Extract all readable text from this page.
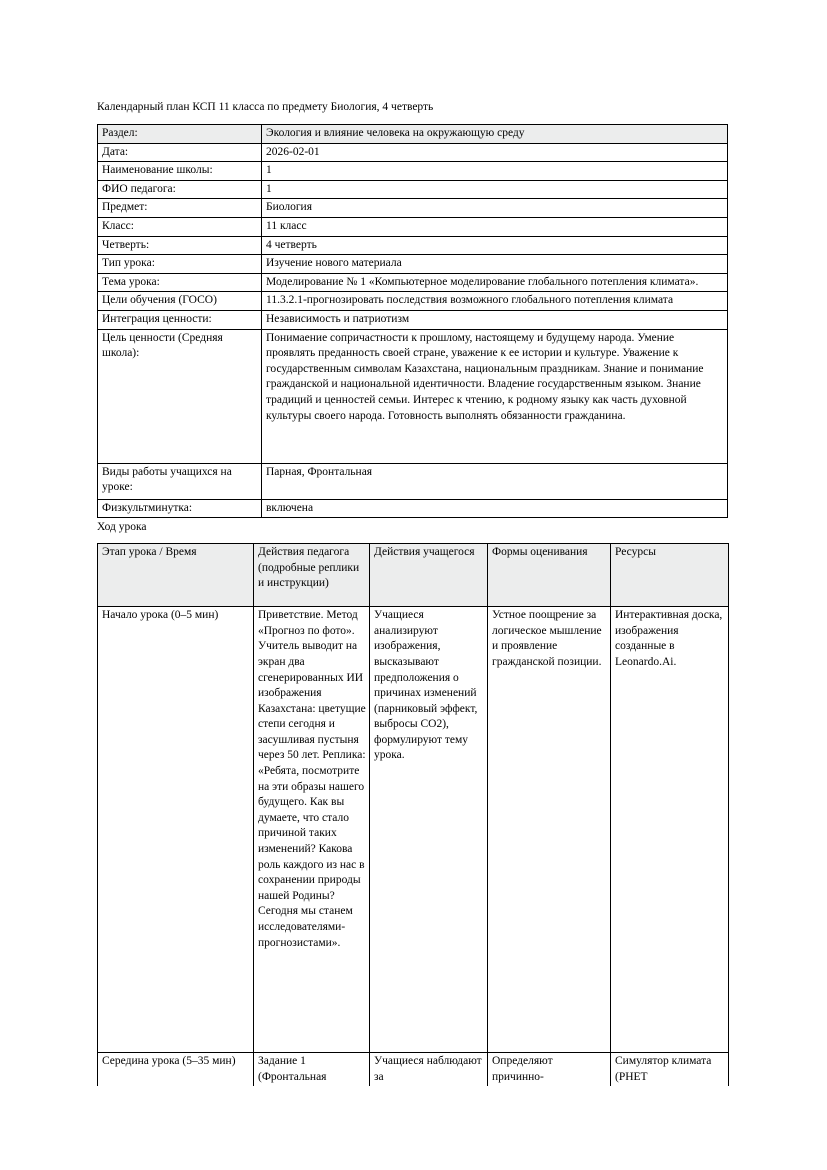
Календарный план КСП 11 класса по предмету Биология, 4 четверть

Раздел:	Экология и влияние человека на окружающую среду
Дата:	2026-02-01
Наименование школы:	1
ФИО педагога:	1
Предмет:	Биология
Класс:	11 класс
Четверть:	4 четверть
Тип урока:	Изучение нового материала
Тема урока:	Моделирование № 1 «Компьютерное моделирование глобального потепления климата».
Цели обучения (ГОСО)	11.3.2.1-прогнозировать последствия возможного глобального потепления климата
Интеграция ценности:	Независимость и патриотизм
Цель ценности (Средняя школа):	Понимаение сопричастности к прошлому, настоящему и будущему народа. Умение проявлять преданность своей стране, уважение к ее истории и культуре. Уважение к государственным символам Казахстана, национальным праздникам. Знание и понимание гражданской и национальной идентичности. Владение государственным языком. Знание традиций и ценностей семьи. Интерес к чтению, к родному языку как часть духовной культуры своего народа. Готовность выполнять обязанности гражданина.
Виды работы учащихся на уроке:	Парная, Фронтальная
Физкультминутка:	включена

Ход урока

Этап урока / Время	Действия педагога (подробные реплики и инструкции)	Действия учащегося	Формы оценивания	Ресурсы
Начало урока (0–5 мин)	Приветствие. Метод «Прогноз по фото». Учитель выводит на экран два сгенерированных ИИ изображения Казахстана: цветущие степи сегодня и засушливая пустыня через 50 лет. Реплика: «Ребята, посмотрите на эти образы нашего будущего. Как вы думаете, что стало причиной таких изменений? Какова роль каждого из нас в сохранении природы нашей Родины? Сегодня мы станем исследователями-прогнозистами».	Учащиеся анализируют изображения, высказывают предположения о причинах изменений (парниковый эффект, выбросы CO2), формулируют тему урока.	Устное поощрение за логическое мышление и проявление гражданской позиции.	Интерактивная доска, изображения созданные в Leonardo.Ai.
Середина урока (5–35 мин)	Задание 1 (Фронтальная	Учащиеся наблюдают за	Определяют причинно-	Симулятор климата (PHET
